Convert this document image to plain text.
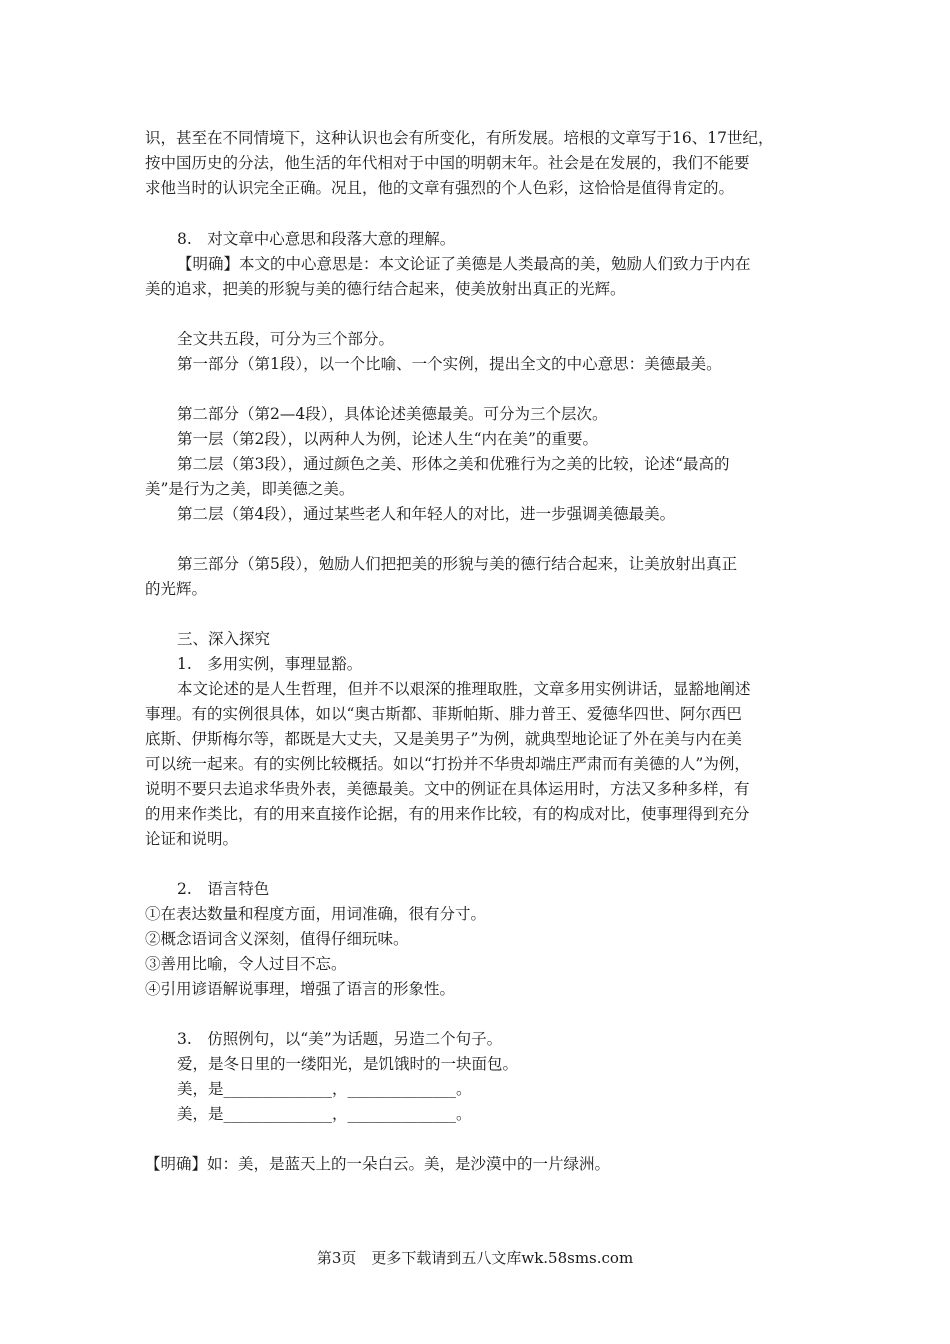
识，甚至在不同情境下，这种认识也会有所变化，有所发展。培根的文章写于16、17世纪，
按中国历史的分法，他生活的年代相对于中国的明朝末年。社会是在发展的，我们不能要
求他当时的认识完全正确。况且，他的文章有强烈的个人色彩，这恰恰是值得肯定的。
8.　对文章中心意思和段落大意的理解。
【明确】本文的中心意思是：本文论证了美德是人类最高的美，勉励人们致力于内在
美的追求，把美的形貌与美的德行结合起来，使美放射出真正的光辉。
全文共五段，可分为三个部分。
第一部分（第1段），以一个比喻、一个实例，提出全文的中心意思：美德最美。
第二部分（第2—4段），具体论述美德最美。可分为三个层次。
第一层（第2段），以两种人为例，论述人生“内在美”的重要。
第二层（第3段），通过颜色之美、形体之美和优雅行为之美的比较，论述“最高的
美”是行为之美，即美德之美。
第二层（第4段），通过某些老人和年轻人的对比，进一步强调美德最美。
第三部分（第5段），勉励人们把把美的形貌与美的德行结合起来，让美放射出真正
的光辉。
三、深入探究
1.　多用实例，事理显豁。
本文论述的是人生哲理，但并不以艰深的推理取胜，文章多用实例讲话，显豁地阐述
事理。有的实例很具体，如以“奥古斯都、菲斯帕斯、腓力普王、爱德华四世、阿尔西巴
底斯、伊斯梅尔等，都既是大丈夫，又是美男子”为例，就典型地论证了外在美与内在美
可以统一起来。有的实例比较概括。如以“打扮并不华贵却端庄严肃而有美德的人”为例，
说明不要只去追求华贵外表，美德最美。文中的例证在具体运用时，方法又多种多样，有
的用来作类比，有的用来直接作论据，有的用来作比较，有的构成对比，使事理得到充分
论证和说明。
2.　语言特色
①在表达数量和程度方面，用词准确，很有分寸。
②概念语词含义深刻，值得仔细玩味。
③善用比喻，令人过目不忘。
④引用谚语解说事理，增强了语言的形象性。
3.　仿照例句，以“美”为话题，另造二个句子。
爱，是冬日里的一缕阳光，是饥饿时的一块面包。
美，是______________，______________。
美，是______________，______________。
【明确】如：美，是蓝天上的一朵白云。美，是沙漠中的一片绿洲。
第3页　更多下载请到五八文库wk.58sms.com
